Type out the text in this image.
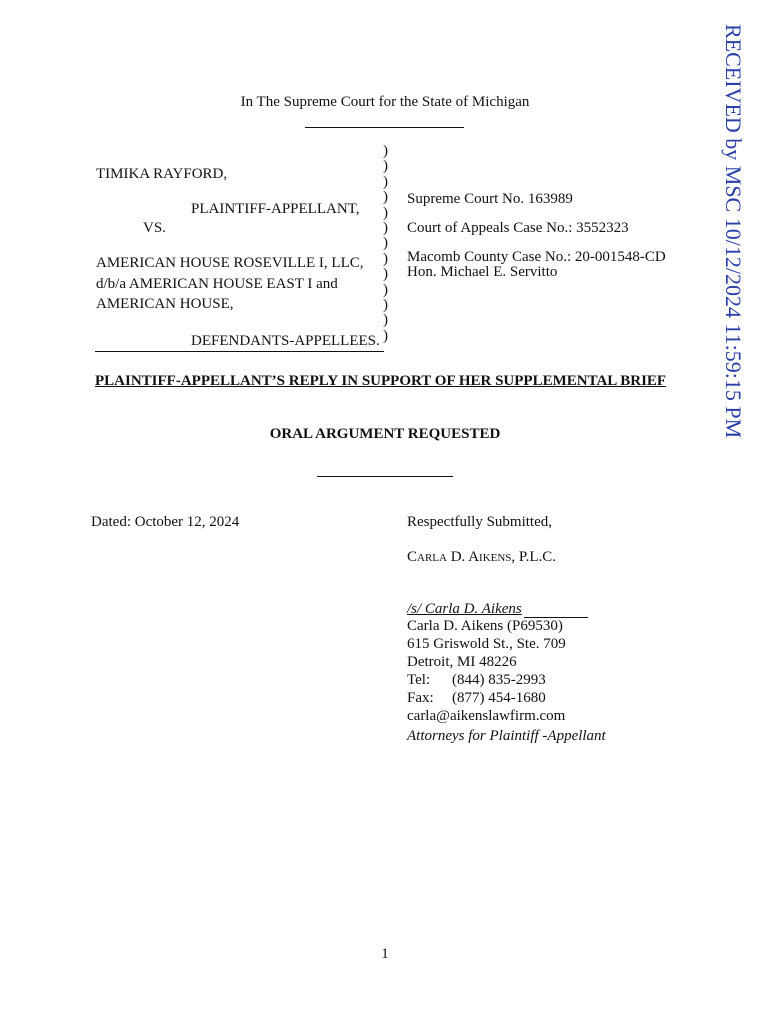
RECEIVED by MSC 10/12/2024 11:59:15 PM
In The Supreme Court for the State of Michigan
TIMIKA RAYFORD,
PLAINTIFF-APPELLANT,
VS.
AMERICAN HOUSE ROSEVILLE I, LLC,
d/b/a AMERICAN HOUSE EAST I and
AMERICAN HOUSE,
DEFENDANTS-APPELLEES.
)
)
)
)
)
)
)
)
)
)
)
)
)
Supreme Court No. 163989
Court of Appeals Case No.: 3552323
Macomb County Case No.: 20-001548-CD
Hon. Michael E. Servitto
PLAINTIFF-APPELLANT’S REPLY IN SUPPORT OF HER SUPPLEMENTAL BRIEF
ORAL ARGUMENT REQUESTED
Dated: October 12, 2024	Respectfully Submitted,
Carla D. Aikens, P.L.C.
/s/ Carla D. Aikens
Carla D. Aikens (P69530)
615 Griswold St., Ste. 709
Detroit, MI 48226
Tel: (844) 835-2993
Fax: (877) 454-1680
carla@aikenslawfirm.com
Attorneys for Plaintiff -Appellant
1
